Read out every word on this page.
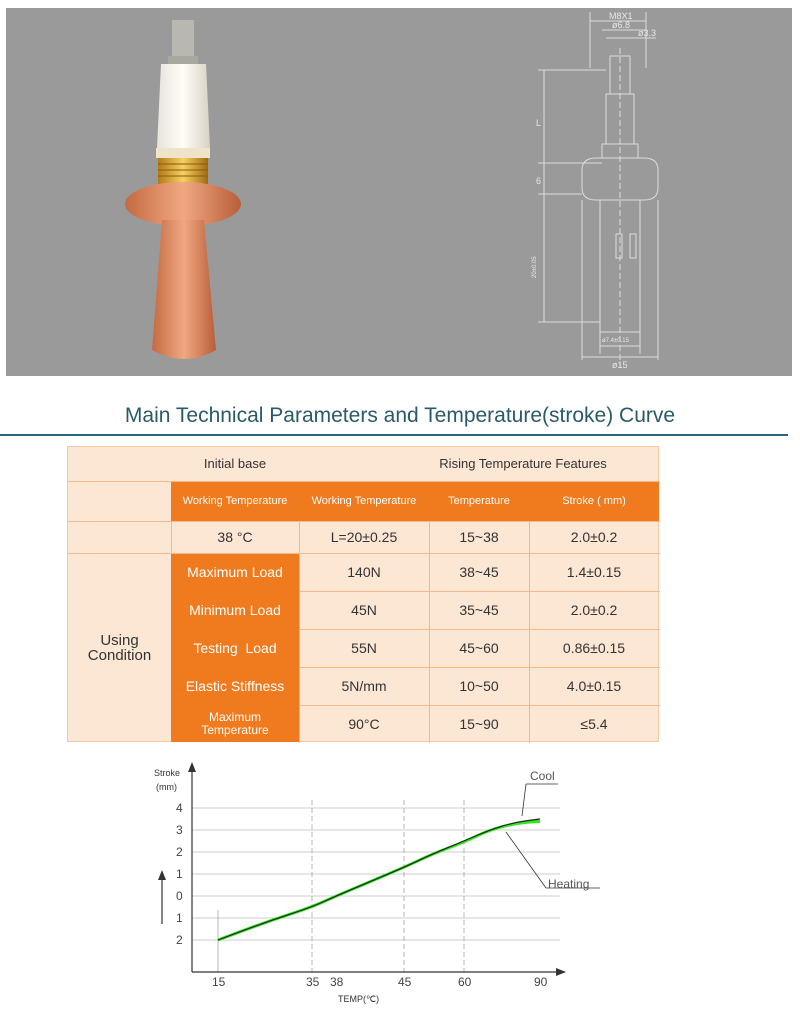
M8X1
ø6.8
ø3.3
L
6
20±0.05
ø7.4±0.15
ø15
Main Technical Parameters and Temperature(stroke) Curve
Initial base	Rising Temperature Features
Working Temperature	Working Temperature	Temperature	Stroke ( mm)
38 °C	L=20±0.25	15~38	2.0±0.2
Using
Condition
Maximum Load	140N	38~45	1.4±0.15
Minimum Load	45N	35~45	2.0±0.2
Testing  Load	55N	45~60	0.86±0.15
Elastic Stiffness	5N/mm	10~50	4.0±0.15
Maximum
Temperature	90°C	15~90	≤5.4
Stroke
(mm)
TEMP(℃)
15	35 38	45	60	90
4
3
2
1
0
1
2
Cool
Heating
